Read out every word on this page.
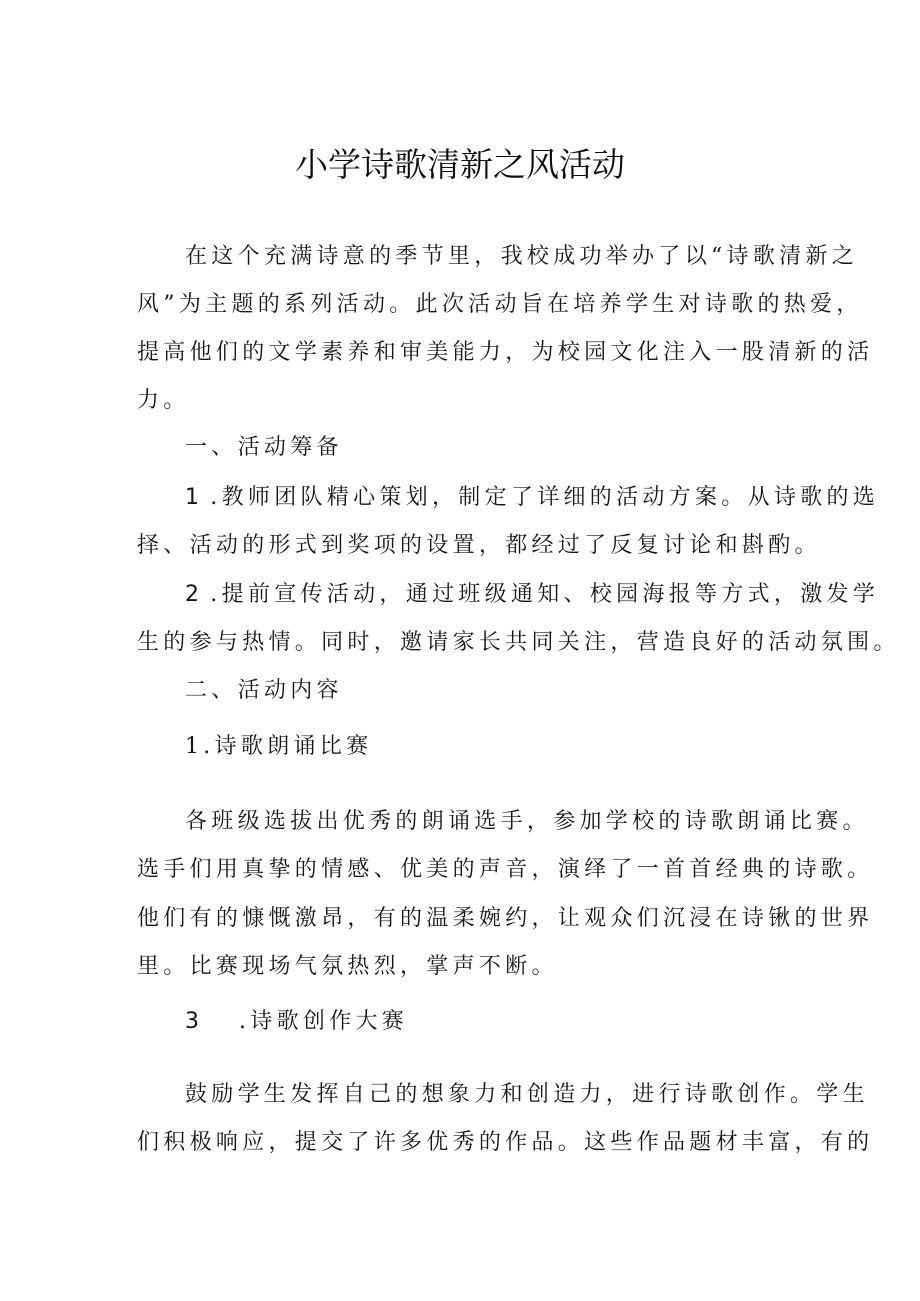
小学诗歌清新之风活动
在这个充满诗意的季节里，我校成功举办了以“诗歌清新之
风”为主题的系列活动。此次活动旨在培养学生对诗歌的热爱，
提高他们的文学素养和审美能力，为校园文化注入一股清新的活
力。
一、活动筹备
1 .教师团队精心策划，制定了详细的活动方案。从诗歌的选
择、活动的形式到奖项的设置，都经过了反复讨论和斟酌。
2 .提前宣传活动，通过班级通知、校园海报等方式，激发学
生的参与热情。同时，邀请家长共同关注，营造良好的活动氛围。
二、活动内容
1.诗歌朗诵比赛
各班级选拔出优秀的朗诵选手，参加学校的诗歌朗诵比赛。
选手们用真挚的情感、优美的声音，演绎了一首首经典的诗歌。
他们有的慷慨激昂，有的温柔婉约，让观众们沉浸在诗锹的世界
里。比赛现场气氛热烈，掌声不断。
3 .诗歌创作大赛
鼓励学生发挥自己的想象力和创造力，进行诗歌创作。学生
们积极响应，提交了许多优秀的作品。这些作品题材丰富，有的
